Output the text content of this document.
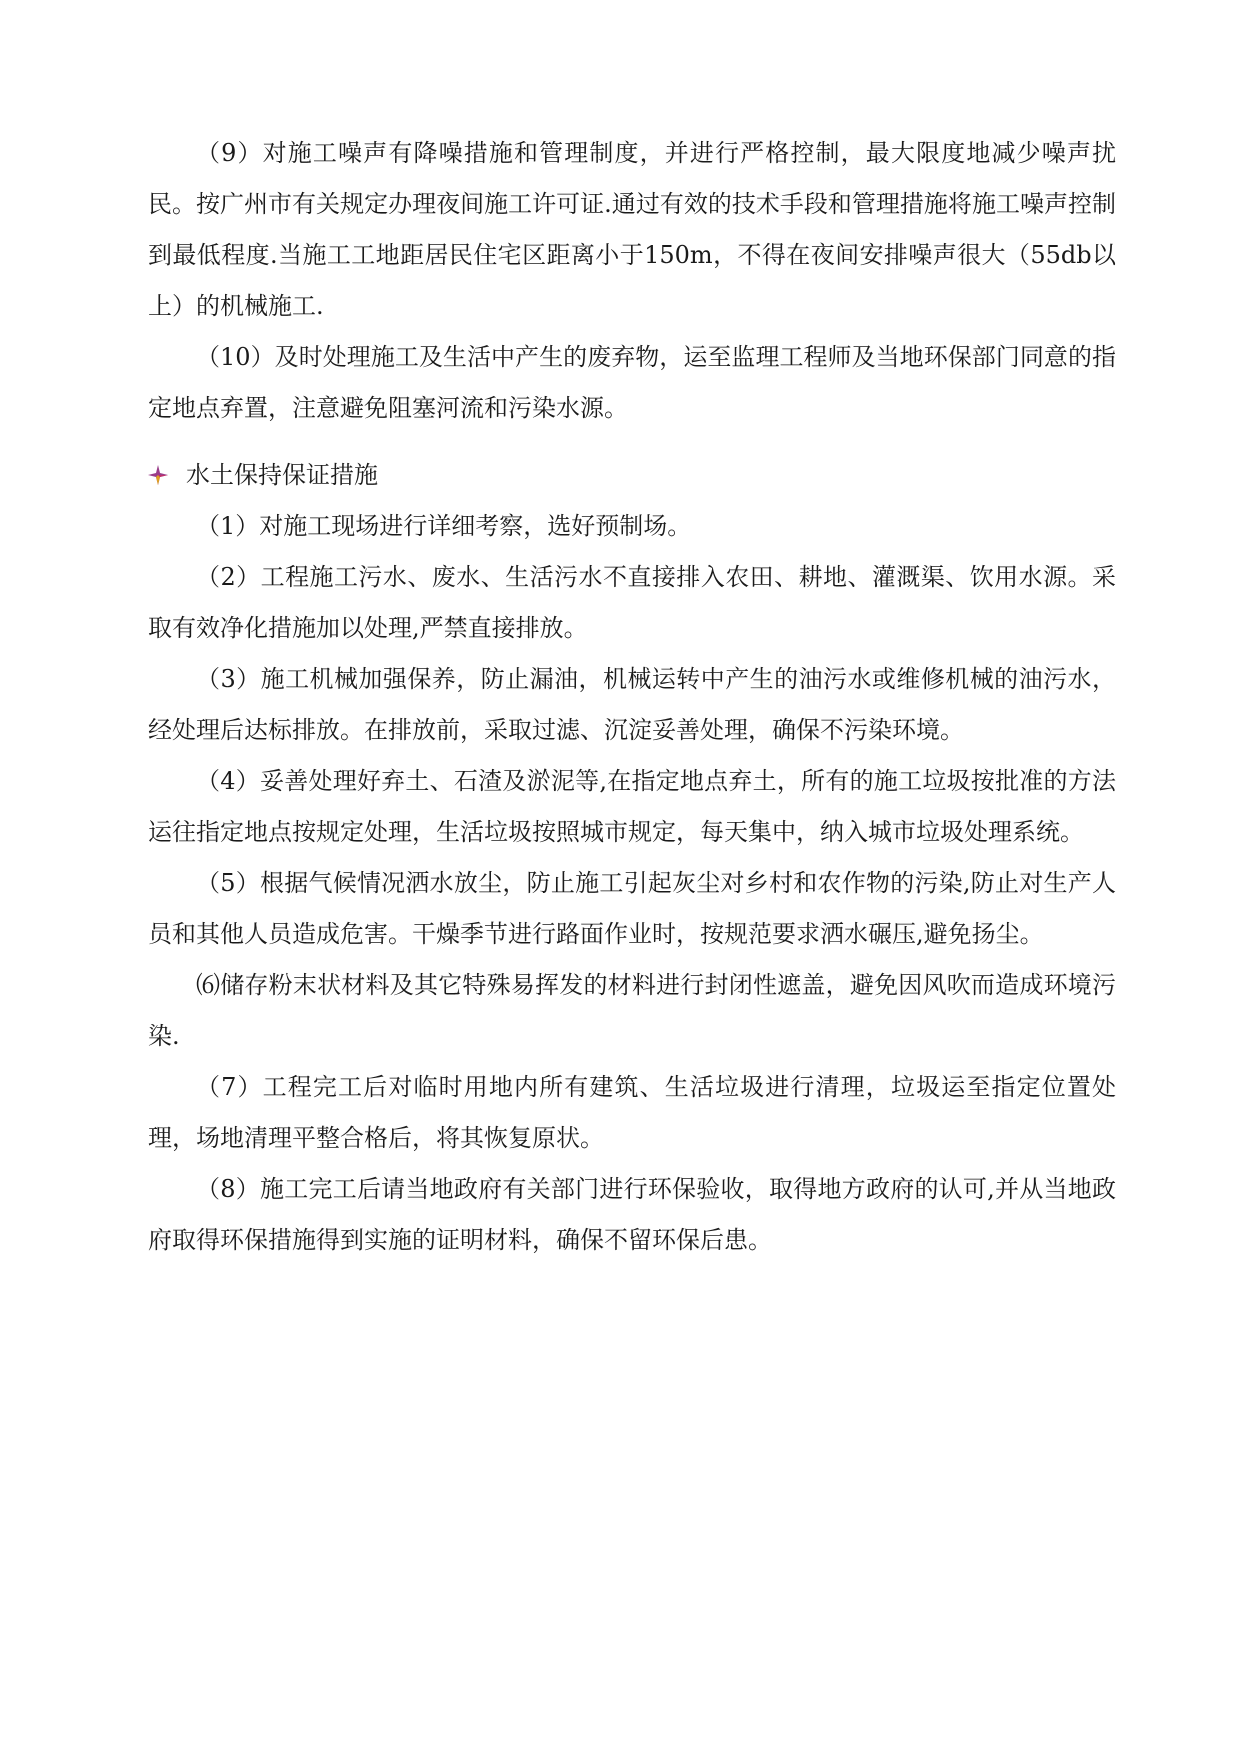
（9）对施工噪声有降噪措施和管理制度，并进行严格控制，最大限度地减少噪声扰民。按广州市有关规定办理夜间施工许可证.通过有效的技术手段和管理措施将施工噪声控制到最低程度.当施工工地距居民住宅区距离小于150m，不得在夜间安排噪声很大（55db以上）的机械施工.

（10）及时处理施工及生活中产生的废弃物，运至监理工程师及当地环保部门同意的指定地点弃置，注意避免阻塞河流和污染水源。

水土保持保证措施

（1）对施工现场进行详细考察，选好预制场。

（2）工程施工污水、废水、生活污水不直接排入农田、耕地、灌溉渠、饮用水源。采取有效净化措施加以处理,严禁直接排放。

（3）施工机械加强保养，防止漏油，机械运转中产生的油污水或维修机械的油污水，经处理后达标排放。在排放前，采取过滤、沉淀妥善处理，确保不污染环境。

（4）妥善处理好弃土、石渣及淤泥等,在指定地点弃土，所有的施工垃圾按批准的方法运往指定地点按规定处理，生活垃圾按照城市规定，每天集中，纳入城市垃圾处理系统。

（5）根据气候情况洒水放尘，防止施工引起灰尘对乡村和农作物的污染,防止对生产人员和其他人员造成危害。干燥季节进行路面作业时，按规范要求洒水碾压,避免扬尘。

⑹储存粉末状材料及其它特殊易挥发的材料进行封闭性遮盖，避免因风吹而造成环境污染.

（7）工程完工后对临时用地内所有建筑、生活垃圾进行清理，垃圾运至指定位置处理，场地清理平整合格后，将其恢复原状。

（8）施工完工后请当地政府有关部门进行环保验收，取得地方政府的认可,并从当地政府取得环保措施得到实施的证明材料，确保不留环保后患。
